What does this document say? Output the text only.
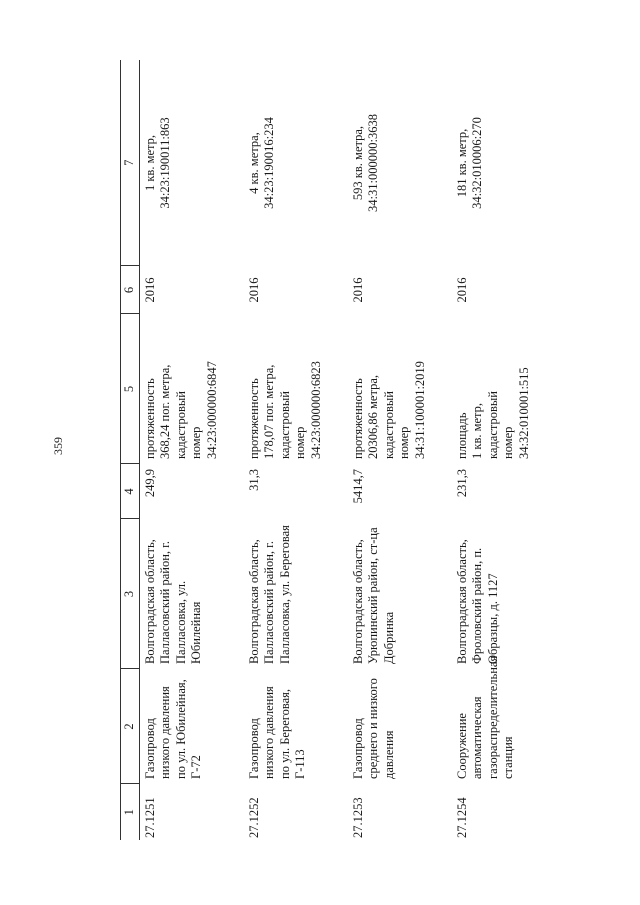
359
1	2	3	4	5	6	7
27.1251	Газопровод низкого давления по ул. Юбилейная, Г-72	Волгоградская область, Палласовский район, г. Палласовка, ул. Юбилейная	249,9	протяженность
368,24 пог. метра,
кадастровый
номер
34:23:000000:6847	2016	1 кв. метр,
34:23:190011:863
27.1252	Газопровод низкого давления по ул. Береговая, Г-113	Волгоградская область, Палласовский район, г. Палласовка, ул. Береговая	31,3	протяженность
178,07 пог. метра,
кадастровый
номер
34:23:000000:6823	2016	4 кв. метра,
34:23:190016:234
27.1253	Газопровод среднего и низкого давления	Волгоградская область, Урюпинский район, ст-ца Добринка	5414,7	протяженность
20306,86 метра,
кадастровый
номер
34:31:100001:2019	2016	593 кв. метра,
34:31:000000:3638
27.1254	Сооружение автоматическая газораспределительная станция	Волгоградская область, Фроловский район, п. Образцы, д. 1127	231,3	площадь
1 кв. метр,
кадастровый
номер
34:32:010001:515	2016	181 кв. метр,
34:32:010006:270
